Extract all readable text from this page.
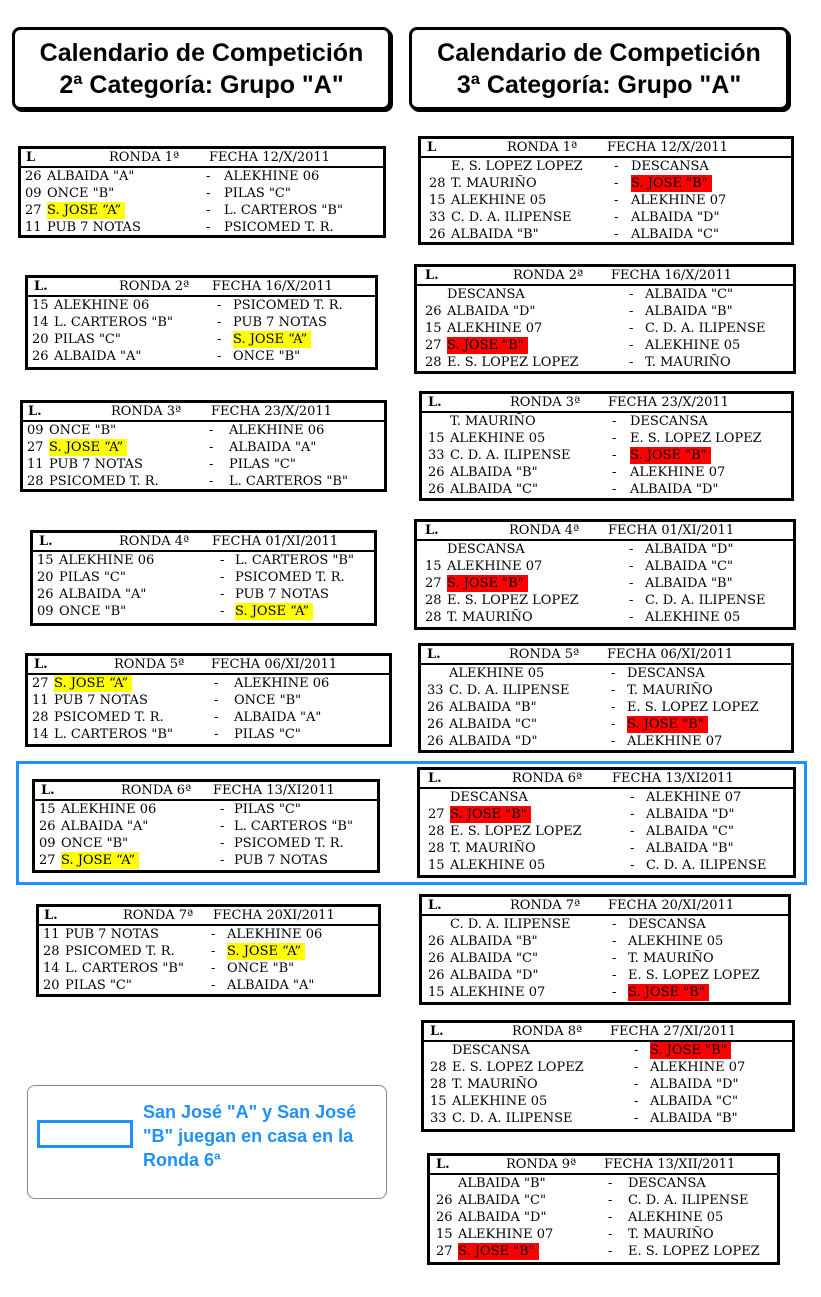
Calendario de Competición
2ª Categoría: Grupo "A"
Calendario de Competición
3ª Categoría: Grupo "A"
L	RONDA 1ª FECHA 12/X/2011
26 ALBAIDA "A"	- ALEKHINE 06
09 ONCE "B"	- PILAS "C"
27 S. JOSE “A”	- L. CARTEROS "B"
11 PUB 7 NOTAS	- PSICOMED T. R.
L.	RONDA 2ª FECHA 16/X/2011
15 ALEKHINE 06	- PSICOMED T. R.
14 L. CARTEROS "B"	- PUB 7 NOTAS
20 PILAS "C"	- S. JOSE “A”
26 ALBAIDA "A"	- ONCE "B"
L.	RONDA 3ª FECHA 23/X/2011
09 ONCE "B"	- ALEKHINE 06
27 S. JOSE “A”	- ALBAIDA "A"
11 PUB 7 NOTAS	- PILAS "C"
28 PSICOMED T. R.	- L. CARTEROS "B"
L.	RONDA 4ª FECHA 01/XI/2011
15 ALEKHINE 06	- L. CARTEROS "B"
20 PILAS "C"	- PSICOMED T. R.
26 ALBAIDA "A"	- PUB 7 NOTAS
09 ONCE "B"	- S. JOSE “A”
L.	RONDA 5ª FECHA 06/XI/2011
27 S. JOSE “A”	- ALEKHINE 06
11 PUB 7 NOTAS	- ONCE "B"
28 PSICOMED T. R.	- ALBAIDA "A"
14 L. CARTEROS "B"	- PILAS "C"
L.	RONDA 6ª FECHA 13/XI2011
15 ALEKHINE 06	- PILAS "C"
26 ALBAIDA "A"	- L. CARTEROS "B"
09 ONCE "B"	- PSICOMED T. R.
27 S. JOSE “A”	- PUB 7 NOTAS
L.	RONDA 7ª FECHA 20XI/2011
11 PUB 7 NOTAS	- ALEKHINE 06
28 PSICOMED T. R.	- S. JOSE “A”
14 L. CARTEROS "B" - ONCE "B"
20 PILAS "C"	- ALBAIDA "A"
L	RONDA 1ª FECHA 12/X/2011
E. S. LOPEZ LOPEZ - DESCANSA
28 T. MAURIÑO	- S. JOSE "B"
15 ALEKHINE 05	- ALEKHINE 07
33 C. D. A. ILIPENSE	- ALBAIDA "D"
26 ALBAIDA "B"	- ALBAIDA "C"
L.	RONDA 2ª FECHA 16/X/2011
DESCANSA	- ALBAIDA "C"
26 ALBAIDA "D"	- ALBAIDA "B"
15 ALEKHINE 07	- C. D. A. ILIPENSE
27 S. JOSE "B"	- ALEKHINE 05
28 E. S. LOPEZ LOPEZ	- T. MAURIÑO
L.	RONDA 3ª FECHA 23/X/2011
T. MAURIÑO	- DESCANSA
15 ALEKHINE 05	- E. S. LOPEZ LOPEZ
33 C. D. A. ILIPENSE	- S. JOSE "B"
26 ALBAIDA "B"	- ALEKHINE 07
26 ALBAIDA "C"	- ALBAIDA "D"
L.	RONDA 4ª FECHA 01/XI/2011
DESCANSA	- ALBAIDA "D"
15 ALEKHINE 07	- ALBAIDA "C"
27 S. JOSE "B"	- ALBAIDA "B"
28 E. S. LOPEZ LOPEZ	- C. D. A. ILIPENSE
28 T. MAURIÑO	- ALEKHINE 05
L.	RONDA 5ª FECHA 06/XI/2011
ALEKHINE 05	- DESCANSA
33 C. D. A. ILIPENSE	- T. MAURIÑO
26 ALBAIDA "B"	- E. S. LOPEZ LOPEZ
26 ALBAIDA "C"	- S. JOSE "B"
26 ALBAIDA "D"	- ALEKHINE 07
L.	RONDA 6ª FECHA 13/XI2011
DESCANSA	- ALEKHINE 07
27 S. JOSE "B"	- ALBAIDA "D"
28 E. S. LOPEZ LOPEZ	- ALBAIDA "C"
28 T. MAURIÑO	- ALBAIDA "B"
15 ALEKHINE 05	- C. D. A. ILIPENSE
L.	RONDA 7ª FECHA 20/XI/2011
C. D. A. ILIPENSE	- DESCANSA
26 ALBAIDA "B"	- ALEKHINE 05
26 ALBAIDA "C"	- T. MAURIÑO
26 ALBAIDA "D"	- E. S. LOPEZ LOPEZ
15 ALEKHINE 07	- S. JOSE "B"
L.	RONDA 8ª FECHA 27/XI/2011
DESCANSA	- S. JOSE "B"
28 E. S. LOPEZ LOPEZ	- ALEKHINE 07
28 T. MAURIÑO	- ALBAIDA "D"
15 ALEKHINE 05	- ALBAIDA "C"
33 C. D. A. ILIPENSE	- ALBAIDA "B"
L.	RONDA 9ª FECHA 13/XII/2011
ALBAIDA "B"	- DESCANSA
26 ALBAIDA "C"	- C. D. A. ILIPENSE
26 ALBAIDA "D"	- ALEKHINE 05
15 ALEKHINE 07	- T. MAURIÑO
27 S. JOSE "B"	- E. S. LOPEZ LOPEZ
San José "A" y San José "B" juegan en casa en la Ronda 6ª
